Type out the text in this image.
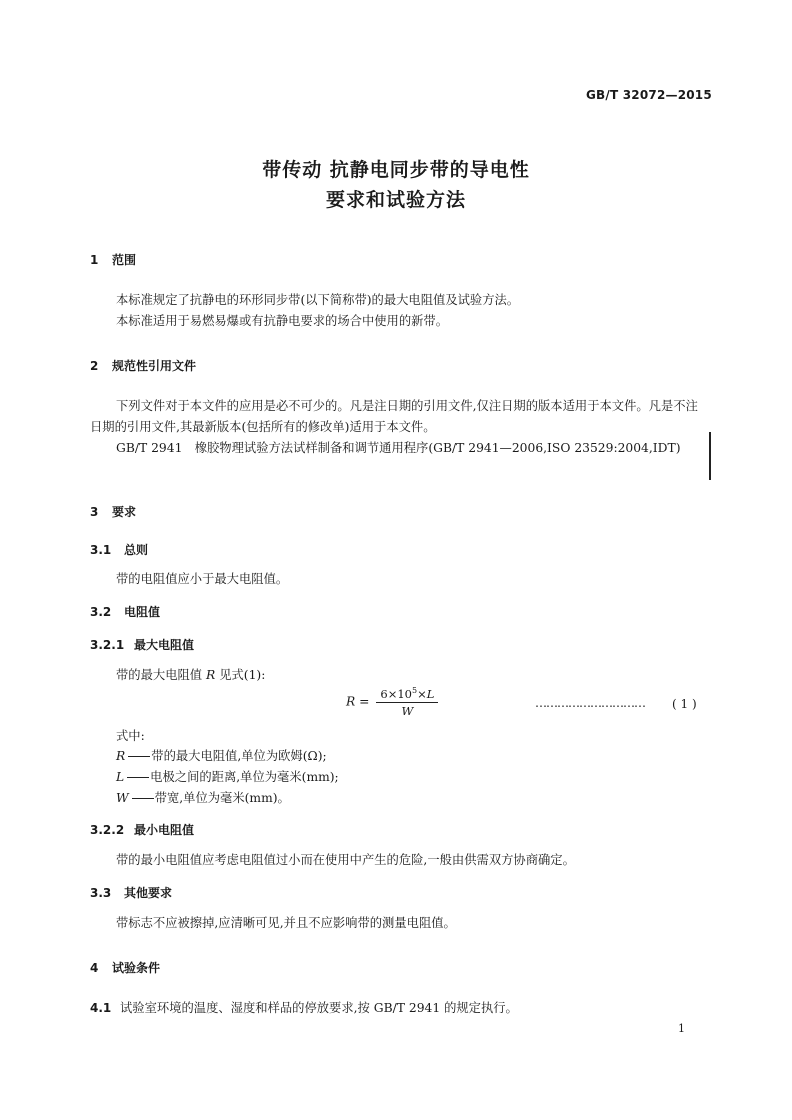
GB/T 32072—2015
带传动 抗静电同步带的导电性
要求和试验方法
1 范围

本标准规定了抗静电的环形同步带(以下简称带)的最大电阻值及试验方法。

本标准适用于易燃易爆或有抗静电要求的场合中使用的新带。

2 规范性引用文件

下列文件对于本文件的应用是必不可少的。凡是注日期的引用文件,仅注日期的版本适用于本文件。凡是不注日期的引用文件,其最新版本(包括所有的修改单)适用于本文件。

GB/T 2941　橡胶物理试验方法试样制备和调节通用程序(GB/T 2941—2006,ISO 23529:2004,IDT)

3 要求
3.1 总则
带的电阻值应小于最大电阻值。
3.2 电阻值
3.2.1 最大电阻值
带的最大电阻值 R 见式(1):
$R = \frac{6\times 10^5\times L}{W}$	………………………… ( 1 )
式中:
R 带的最大电阻值,单位为欧姆(Ω);
L 电极之间的距离,单位为毫米(mm);
W 带宽,单位为毫米(mm)。
3.2.2 最小电阻值
带的最小电阻值应考虑电阻值过小而在使用中产生的危险,一般由供需双方协商确定。
3.3 其他要求
带标志不应被擦掉,应清晰可见,并且不应影响带的测量电阻值。
4 试验条件
4.1 试验室环境的温度、湿度和样品的停放要求,按 GB/T 2941 的规定执行。
1
